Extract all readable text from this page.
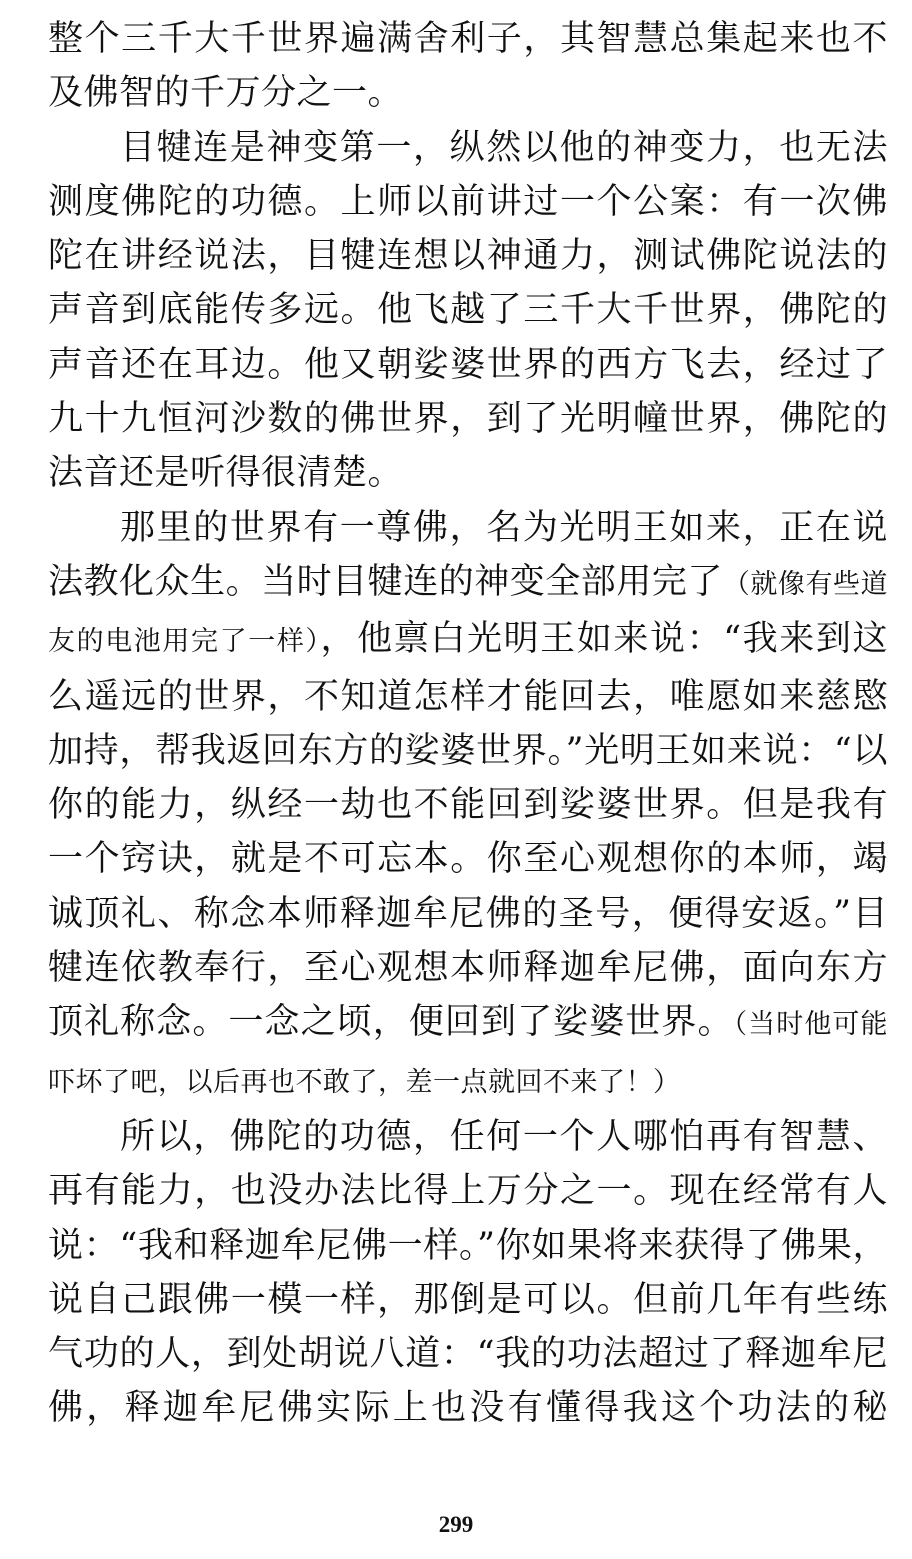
整个三千大千世界遍满舍利子，其智慧总集起来也不及佛智的千万分之一。

目犍连是神变第一，纵然以他的神变力，也无法测度佛陀的功德。上师以前讲过一个公案：有一次佛陀在讲经说法，目犍连想以神通力，测试佛陀说法的声音到底能传多远。他飞越了三千大千世界，佛陀的声音还在耳边。他又朝娑婆世界的西方飞去，经过了九十九恒河沙数的佛世界，到了光明幢世界，佛陀的法音还是听得很清楚。

那里的世界有一尊佛，名为光明王如来，正在说法教化众生。当时目犍连的神变全部用完了（就像有些道友的电池用完了一样），他禀白光明王如来说：“我来到这么遥远的世界，不知道怎样才能回去，唯愿如来慈愍加持，帮我返回东方的娑婆世界。”光明王如来说：“以你的能力，纵经一劫也不能回到娑婆世界。但是我有一个窍诀，就是不可忘本。你至心观想你的本师，竭诚顶礼、称念本师释迦牟尼佛的圣号，便得安返。”目犍连依教奉行，至心观想本师释迦牟尼佛，面向东方顶礼称念。一念之顷，便回到了娑婆世界。（当时他可能吓坏了吧，以后再也不敢了，差一点就回不来了！）

所以，佛陀的功德，任何一个人哪怕再有智慧、再有能力，也没办法比得上万分之一。现在经常有人说：“我和释迦牟尼佛一样。”你如果将来获得了佛果，说自己跟佛一模一样，那倒是可以。但前几年有些练气功的人，到处胡说八道：“我的功法超过了释迦牟尼佛，释迦牟尼佛实际上也没有懂得我这个功法的秘

299
